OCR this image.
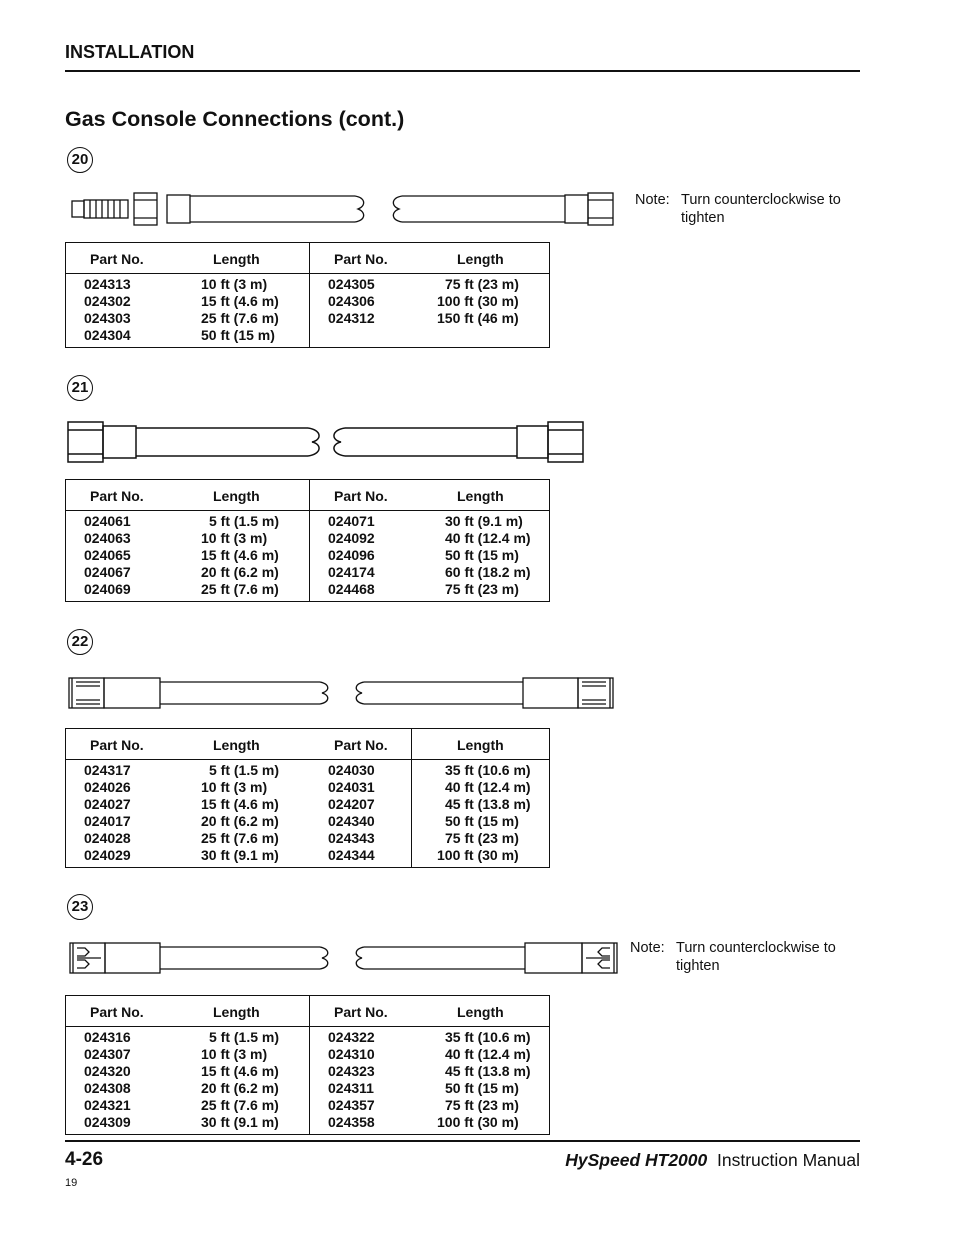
INSTALLATION
Gas Console Connections (cont.)
20
Note: Turn counterclockwise to
tighten
Part No.	Length	Part No.	Length
024313	10 ft (3 m)	024305	75 ft (23 m)
024302	15 ft (4.6 m)	024306	100 ft (30 m)
024303	25 ft (7.6 m)	024312	150 ft (46 m)
024304	50 ft (15 m)
21
Part No.	Length	Part No.	Length
024061	5 ft (1.5 m)	024071	30 ft (9.1 m)
024063	10 ft (3 m)	024092	40 ft (12.4 m)
024065	15 ft (4.6 m)	024096	50 ft (15 m)
024067	20 ft (6.2 m)	024174	60 ft (18.2 m)
024069	25 ft (7.6 m)	024468	75 ft (23 m)
22
Part No.	Length	Part No.	Length
024317	5 ft (1.5 m)	024030	35 ft (10.6 m)
024026	10 ft (3 m)	024031	40 ft (12.4 m)
024027	15 ft (4.6 m)	024207	45 ft (13.8 m)
024017	20 ft (6.2 m)	024340	50 ft (15 m)
024028	25 ft (7.6 m)	024343	75 ft (23 m)
024029	30 ft (9.1 m)	024344	100 ft (30 m)
23
Note: Turn counterclockwise to
tighten
Part No.	Length	Part No.	Length
024316	5 ft (1.5 m)	024322	35 ft (10.6 m)
024307	10 ft (3 m)	024310	40 ft (12.4 m)
024320	15 ft (4.6 m)	024323	45 ft (13.8 m)
024308	20 ft (6.2 m)	024311	50 ft (15 m)
024321	25 ft (7.6 m)	024357	75 ft (23 m)
024309	30 ft (9.1 m)	024358	100 ft (30 m)
4-26	HySpeed HT2000 Instruction Manual
19
